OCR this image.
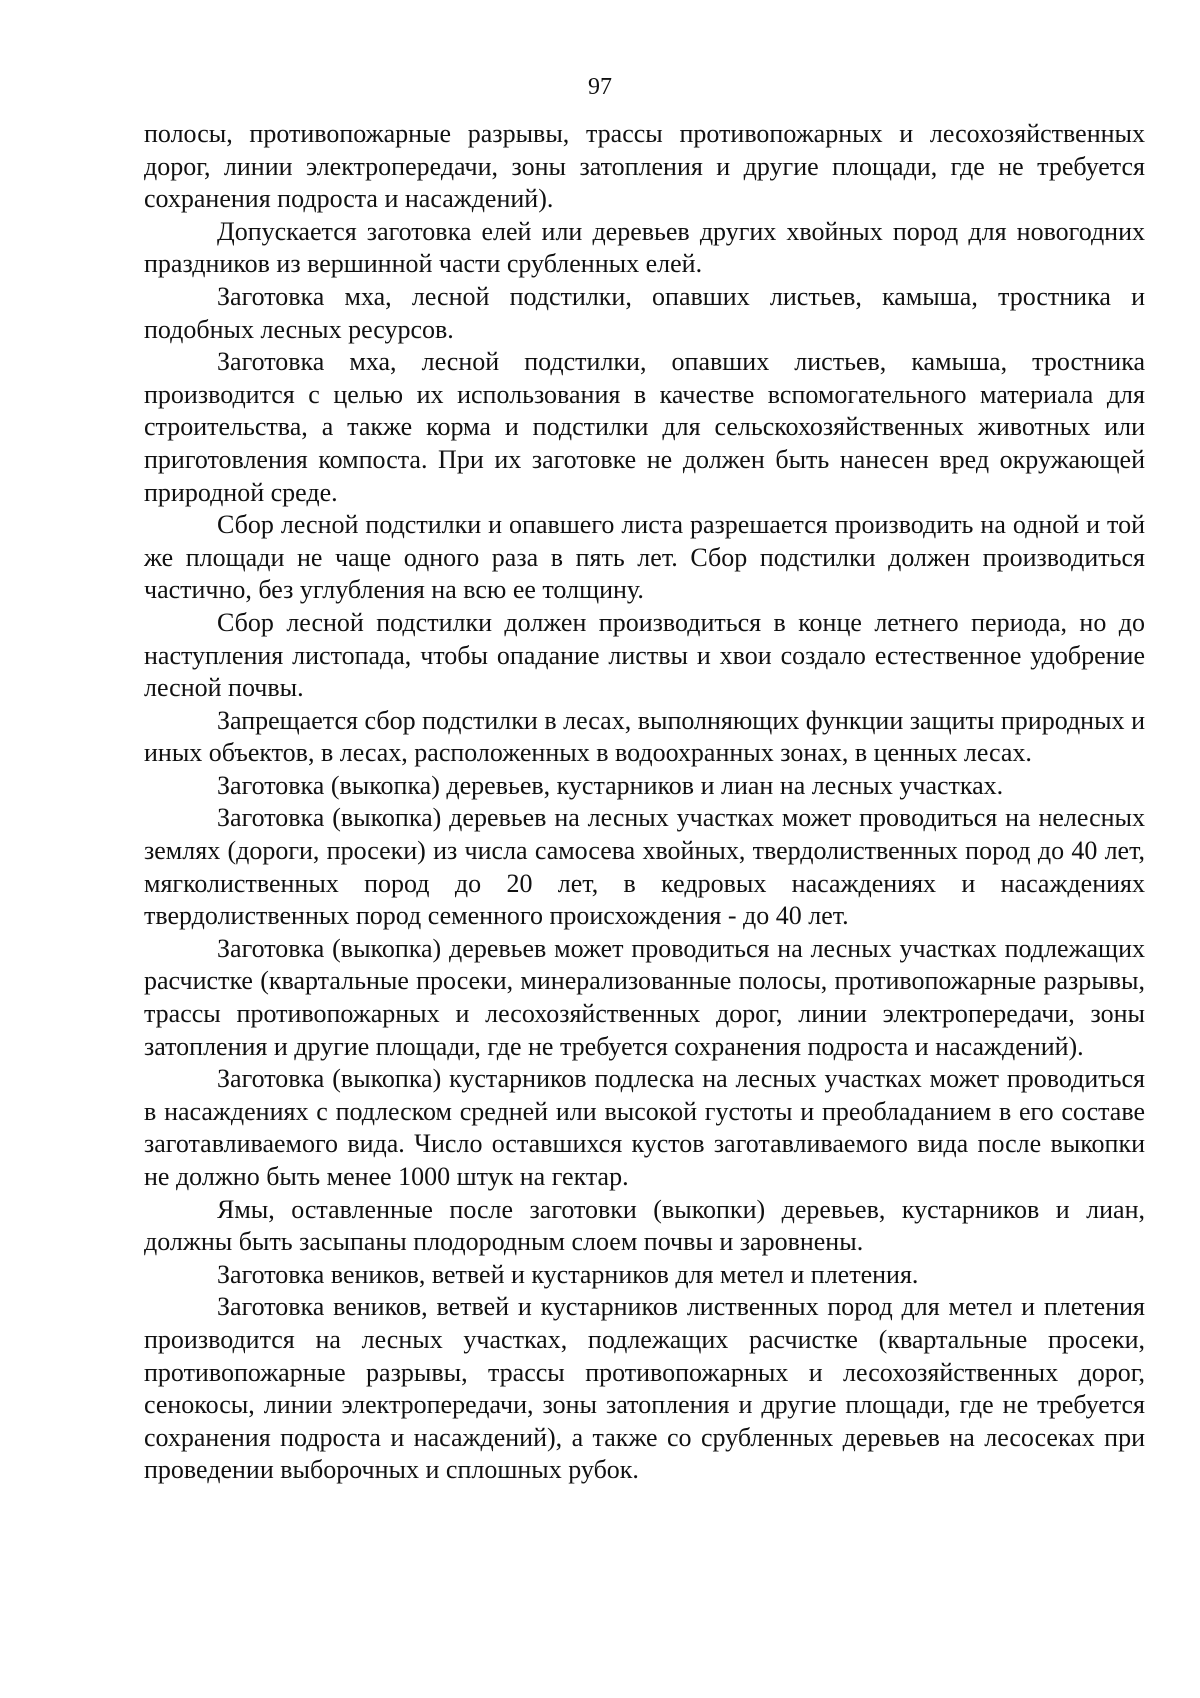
97

полосы, противопожарные разрывы, трассы противопожарных и лесохозяйственных дорог, линии электропередачи, зоны затопления и другие площади, где не требуется сохранения подроста и насаждений).

Допускается заготовка елей или деревьев других хвойных пород для новогодних праздников из вершинной части срубленных елей.

Заготовка мха, лесной подстилки, опавших листьев, камыша, тростника и подобных лесных ресурсов.

Заготовка мха, лесной подстилки, опавших листьев, камыша, тростника производится с целью их использования в качестве вспомогательного материала для строительства, а также корма и подстилки для сельскохозяйственных животных или приготовления компоста. При их заготовке не должен быть нанесен вред окружающей природной среде.

Сбор лесной подстилки и опавшего листа разрешается производить на одной и той же площади не чаще одного раза в пять лет. Сбор подстилки должен производиться частично, без углубления на всю ее толщину.

Сбор лесной подстилки должен производиться в конце летнего периода, но до наступления листопада, чтобы опадание листвы и хвои создало естественное удобрение лесной почвы.

Запрещается сбор подстилки в лесах, выполняющих функции защиты природных и иных объектов, в лесах, расположенных в водоохранных зонах, в ценных лесах.

Заготовка (выкопка) деревьев, кустарников и лиан на лесных участках.

Заготовка (выкопка) деревьев на лесных участках может проводиться на нелесных землях (дороги, просеки) из числа самосева хвойных, твердолиственных пород до 40 лет, мягколиственных пород до 20 лет, в кедровых насаждениях и насаждениях твердолиственных пород семенного происхождения - до 40 лет.

Заготовка (выкопка) деревьев может проводиться на лесных участках подлежащих расчистке (квартальные просеки, минерализованные полосы, противопожарные разрывы, трассы противопожарных и лесохозяйственных дорог, линии электропередачи, зоны затопления и другие площади, где не требуется сохранения подроста и насаждений).

Заготовка (выкопка) кустарников подлеска на лесных участках может проводиться в насаждениях с подлеском средней или высокой густоты и преобладанием в его составе заготавливаемого вида. Число оставшихся кустов заготавливаемого вида после выкопки не должно быть менее 1000 штук на гектар.

Ямы, оставленные после заготовки (выкопки) деревьев, кустарников и лиан, должны быть засыпаны плодородным слоем почвы и заровнены.

Заготовка веников, ветвей и кустарников для метел и плетения.

Заготовка веников, ветвей и кустарников лиственных пород для метел и плетения производится на лесных участках, подлежащих расчистке (квартальные просеки, противопожарные разрывы, трассы противопожарных и лесохозяйственных дорог, сенокосы, линии электропередачи, зоны затопления и другие площади, где не требуется сохранения подроста и насаждений), а также со срубленных деревьев на лесосеках при проведении выборочных и сплошных рубок.
